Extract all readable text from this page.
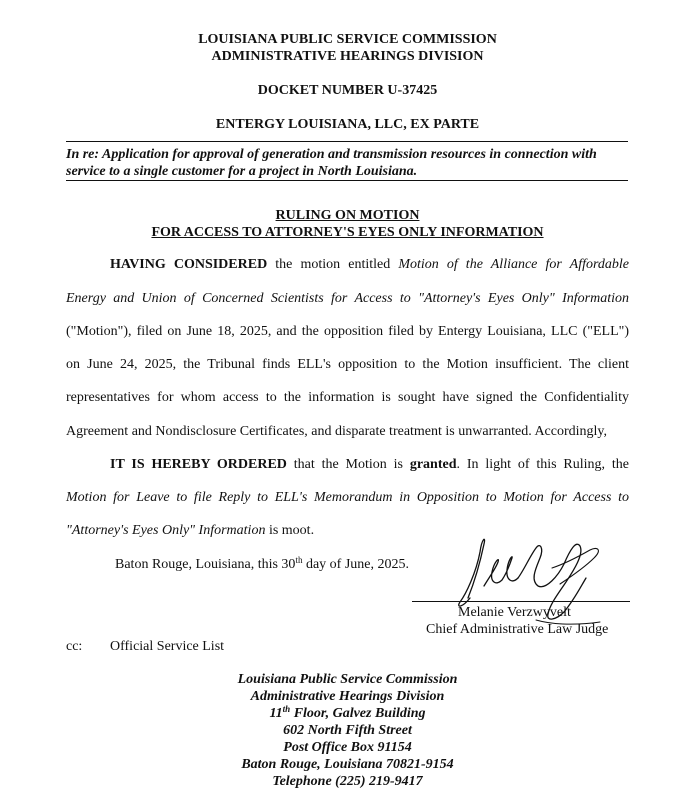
LOUISIANA PUBLIC SERVICE COMMISSION
ADMINISTRATIVE HEARINGS DIVISION
DOCKET NUMBER U-37425
ENTERGY LOUISIANA, LLC, EX PARTE
In re: Application for approval of generation and transmission resources in connection with
service to a single customer for a project in North Louisiana.
RULING ON MOTION
FOR ACCESS TO ATTORNEY'S EYES ONLY INFORMATION
HAVING CONSIDERED the motion entitled Motion of the Alliance for Affordable
Energy and Union of Concerned Scientists for Access to "Attorney's Eyes Only" Information
("Motion"), filed on June 18, 2025, and the opposition filed by Entergy Louisiana, LLC ("ELL")
on June 24, 2025, the Tribunal finds ELL's opposition to the Motion insufficient. The client
representatives for whom access to the information is sought have signed the Confidentiality
Agreement and Nondisclosure Certificates, and disparate treatment is unwarranted. Accordingly,
IT IS HEREBY ORDERED that the Motion is granted. In light of this Ruling, the
Motion for Leave to file Reply to ELL's Memorandum in Opposition to Motion for Access to
"Attorney's Eyes Only" Information is moot.
Baton Rouge, Louisiana, this 30th day of June, 2025.
Melanie Verzwyvelt
Chief Administrative Law Judge
cc: Official Service List
Louisiana Public Service Commission
Administrative Hearings Division
11th Floor, Galvez Building
602 North Fifth Street
Post Office Box 91154
Baton Rouge, Louisiana 70821-9154
Telephone (225) 219-9417
